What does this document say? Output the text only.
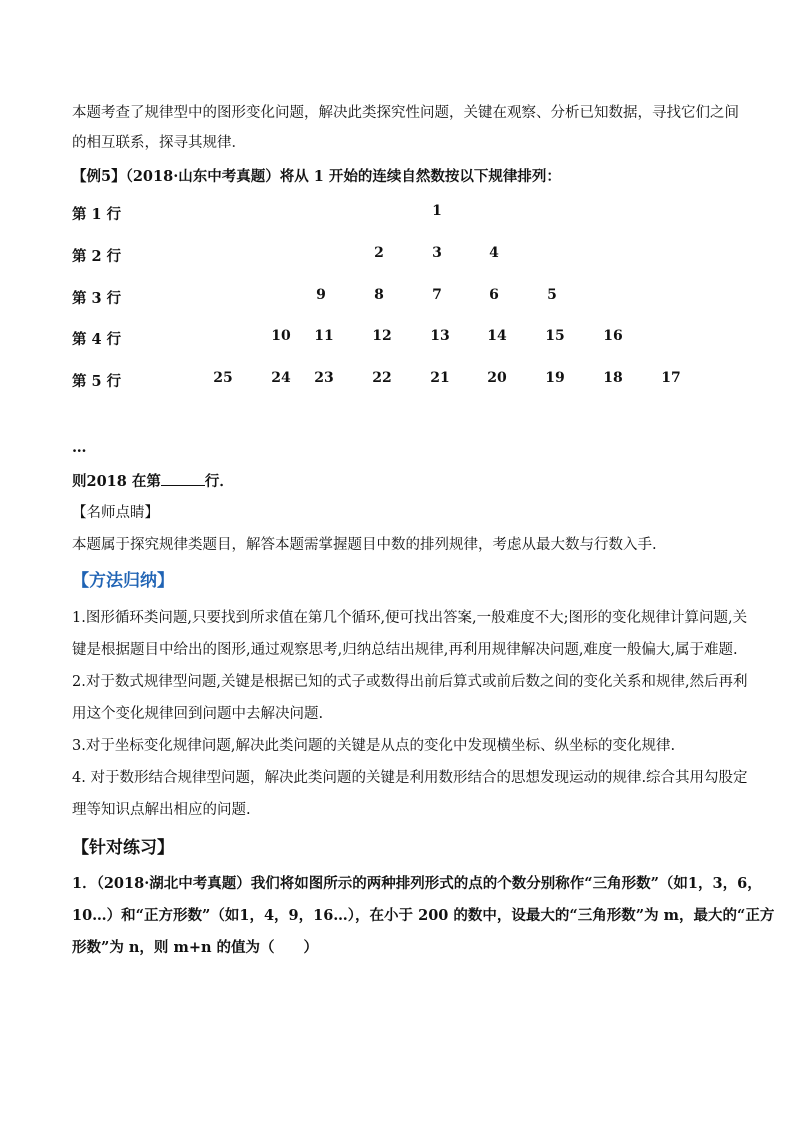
本题考查了规律型中的图形变化问题，解决此类探究性问题，关键在观察、分析已知数据，寻找它们之间
的相互联系，探寻其规律．
【例5】（2018·山东中考真题）将从 1 开始的连续自然数按以下规律排列：
第 1 行	1
第 2 行	2	3	4
第 3 行	9	8	7	6	5
第 4 行	10	11	12	13	14	15	16
第 5 行	25	24	23	22	21	20	19	18	17
…
则2018 在第	行．
【名师点睛】
本题属于探究规律类题目，解答本题需掌握题目中数的排列规律，考虑从最大数与行数入手.
【方法归纳】
1.图形循环类问题,只要找到所求值在第几个循环,便可找出答案,一般难度不大;图形的变化规律计算问题,关
键是根据题目中给出的图形,通过观察思考,归纳总结出规律,再利用规律解决问题,难度一般偏大,属于难题.
2.对于数式规律型问题,关键是根据已知的式子或数得出前后算式或前后数之间的变化关系和规律,然后再利
用这个变化规律回到问题中去解决问题.
3.对于坐标变化规律问题,解决此类问题的关键是从点的变化中发现横坐标、纵坐标的变化规律.
4. 对于数形结合规律型问题，解决此类问题的关键是利用数形结合的思想发现运动的规律.综合其用勾股定
理等知识点解出相应的问题.
【针对练习】
1．（2018·湖北中考真题）我们将如图所示的两种排列形式的点的个数分别称作“三角形数”（如1，3，6，
10…）和“正方形数”（如1，4，9，16…），在小于 200 的数中，设最大的“三角形数”为 m，最大的“正方
形数”为 n，则 m+n 的值为（　　）
